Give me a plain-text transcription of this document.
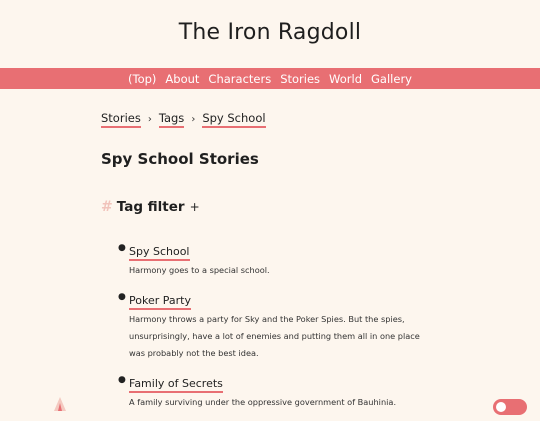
The Iron Ragdoll
(Top) About Characters Stories World Gallery
Stories › Tags › Spy School
Spy School Stories
# Tag filter +
● Spy School
Harmony goes to a special school.
● Poker Party
Harmony throws a party for Sky and the Poker Spies. But the spies, unsurprisingly, have a lot of enemies and putting them all in one place was probably not the best idea.
● Family of Secrets
A family surviving under the oppressive government of Bauhinia.
